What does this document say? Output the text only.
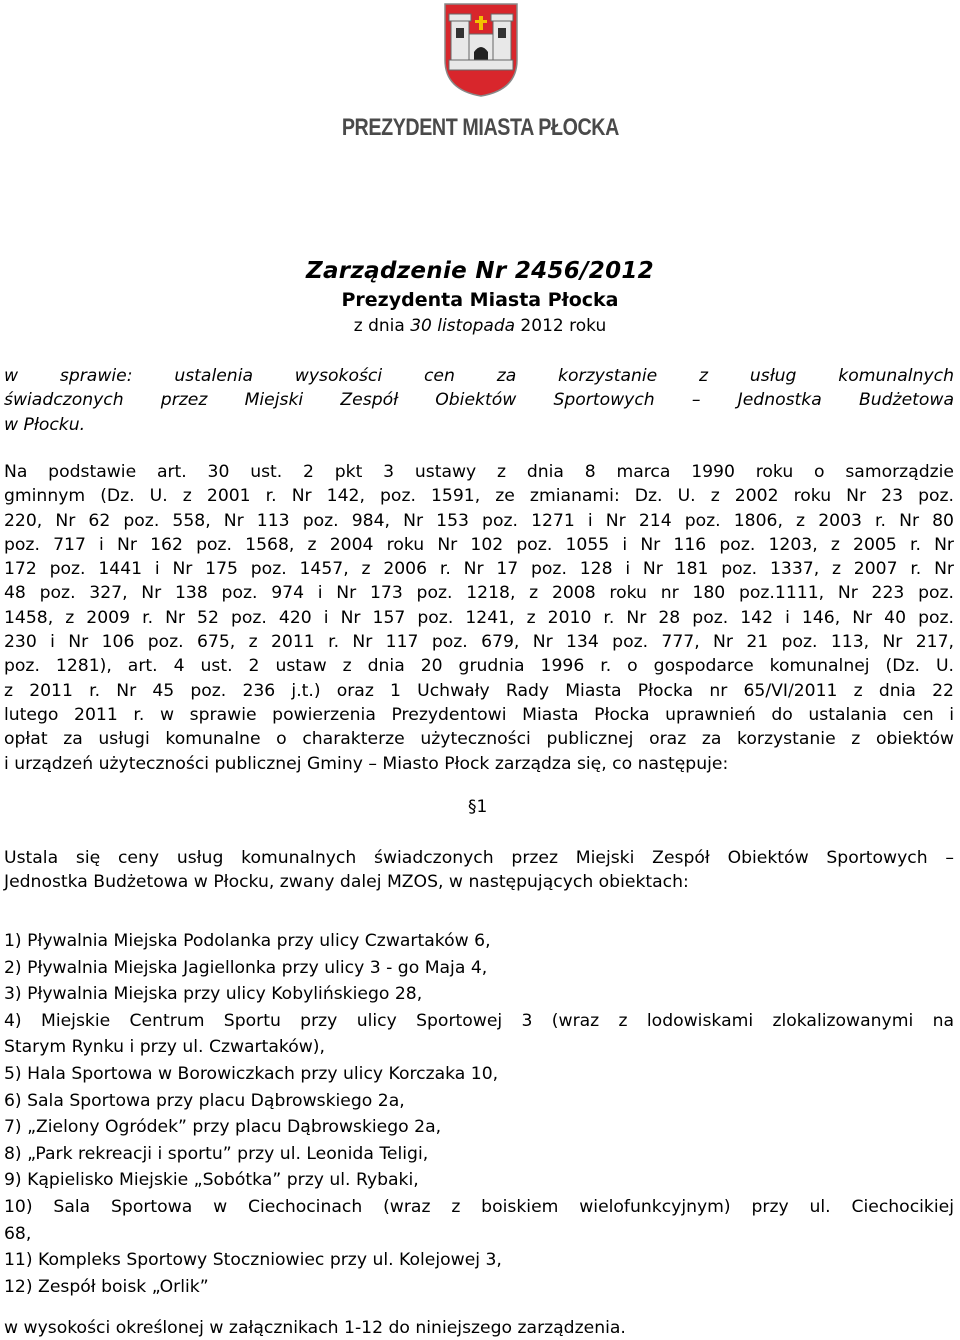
PREZYDENT MIASTA PŁOCKA
Zarządzenie Nr 2456/2012
Prezydenta Miasta Płocka
z dnia 30 listopada 2012 roku
w sprawie: ustalenia wysokości cen za korzystanie z usług komunalnych
świadczonych przez Miejski Zespół Obiektów Sportowych – Jednostka Budżetowa
w Płocku.
Na podstawie art. 30 ust. 2 pkt 3 ustawy z dnia 8 marca 1990 roku o samorządzie
gminnym (Dz. U. z 2001 r. Nr 142, poz. 1591, ze zmianami: Dz. U. z 2002 roku Nr 23 poz.
220, Nr 62 poz. 558, Nr 113 poz. 984, Nr 153 poz. 1271 i Nr 214 poz. 1806, z 2003 r. Nr 80
poz. 717 i Nr 162 poz. 1568, z 2004 roku Nr 102 poz. 1055 i Nr 116 poz. 1203, z 2005 r. Nr
172 poz. 1441 i Nr 175 poz. 1457, z 2006 r. Nr 17 poz. 128 i Nr 181 poz. 1337, z 2007 r. Nr
48 poz. 327, Nr 138 poz. 974 i Nr 173 poz. 1218, z 2008 roku nr 180 poz.1111, Nr 223 poz.
1458, z 2009 r. Nr 52 poz. 420 i Nr 157 poz. 1241, z 2010 r. Nr 28 poz. 142 i 146, Nr 40 poz.
230 i Nr 106 poz. 675, z 2011 r. Nr 117 poz. 679, Nr 134 poz. 777, Nr 21 poz. 113, Nr 217,
poz. 1281), art. 4 ust. 2 ustaw z dnia 20 grudnia 1996 r. o gospodarce komunalnej (Dz. U.
z 2011 r. Nr 45 poz. 236 j.t.) oraz 1 Uchwały Rady Miasta Płocka nr 65/VI/2011 z dnia 22
lutego 2011 r. w sprawie powierzenia Prezydentowi Miasta Płocka uprawnień do ustalania cen i
opłat za usługi komunalne o charakterze użyteczności publicznej oraz za korzystanie z obiektów
i urządzeń użyteczności publicznej Gminy – Miasto Płock zarządza się, co następuje:
§1
Ustala się ceny usług komunalnych świadczonych przez Miejski Zespół Obiektów Sportowych –
Jednostka Budżetowa w Płocku, zwany dalej MZOS, w następujących obiektach:
1) Pływalnia Miejska Podolanka przy ulicy Czwartaków 6,
2) Pływalnia Miejska Jagiellonka przy ulicy 3 - go Maja 4,
3) Pływalnia Miejska przy ulicy Kobylińskiego 28,
4) Miejskie Centrum Sportu przy ulicy Sportowej 3 (wraz z lodowiskami zlokalizowanymi na
Starym Rynku i przy ul. Czwartaków),
5) Hala Sportowa w Borowiczkach przy ulicy Korczaka 10,
6) Sala Sportowa przy placu Dąbrowskiego 2a,
7) „Zielony Ogródek” przy placu Dąbrowskiego 2a,
8) „Park rekreacji i sportu” przy ul. Leonida Teligi,
9) Kąpielisko Miejskie „Sobótka” przy ul. Rybaki,
10) Sala Sportowa w Ciechocinach (wraz z boiskiem wielofunkcyjnym) przy ul. Ciechocikiej
68,
11) Kompleks Sportowy Stoczniowiec przy ul. Kolejowej 3,
12) Zespół boisk „Orlik”
w wysokości określonej w załącznikach 1-12 do niniejszego zarządzenia.
